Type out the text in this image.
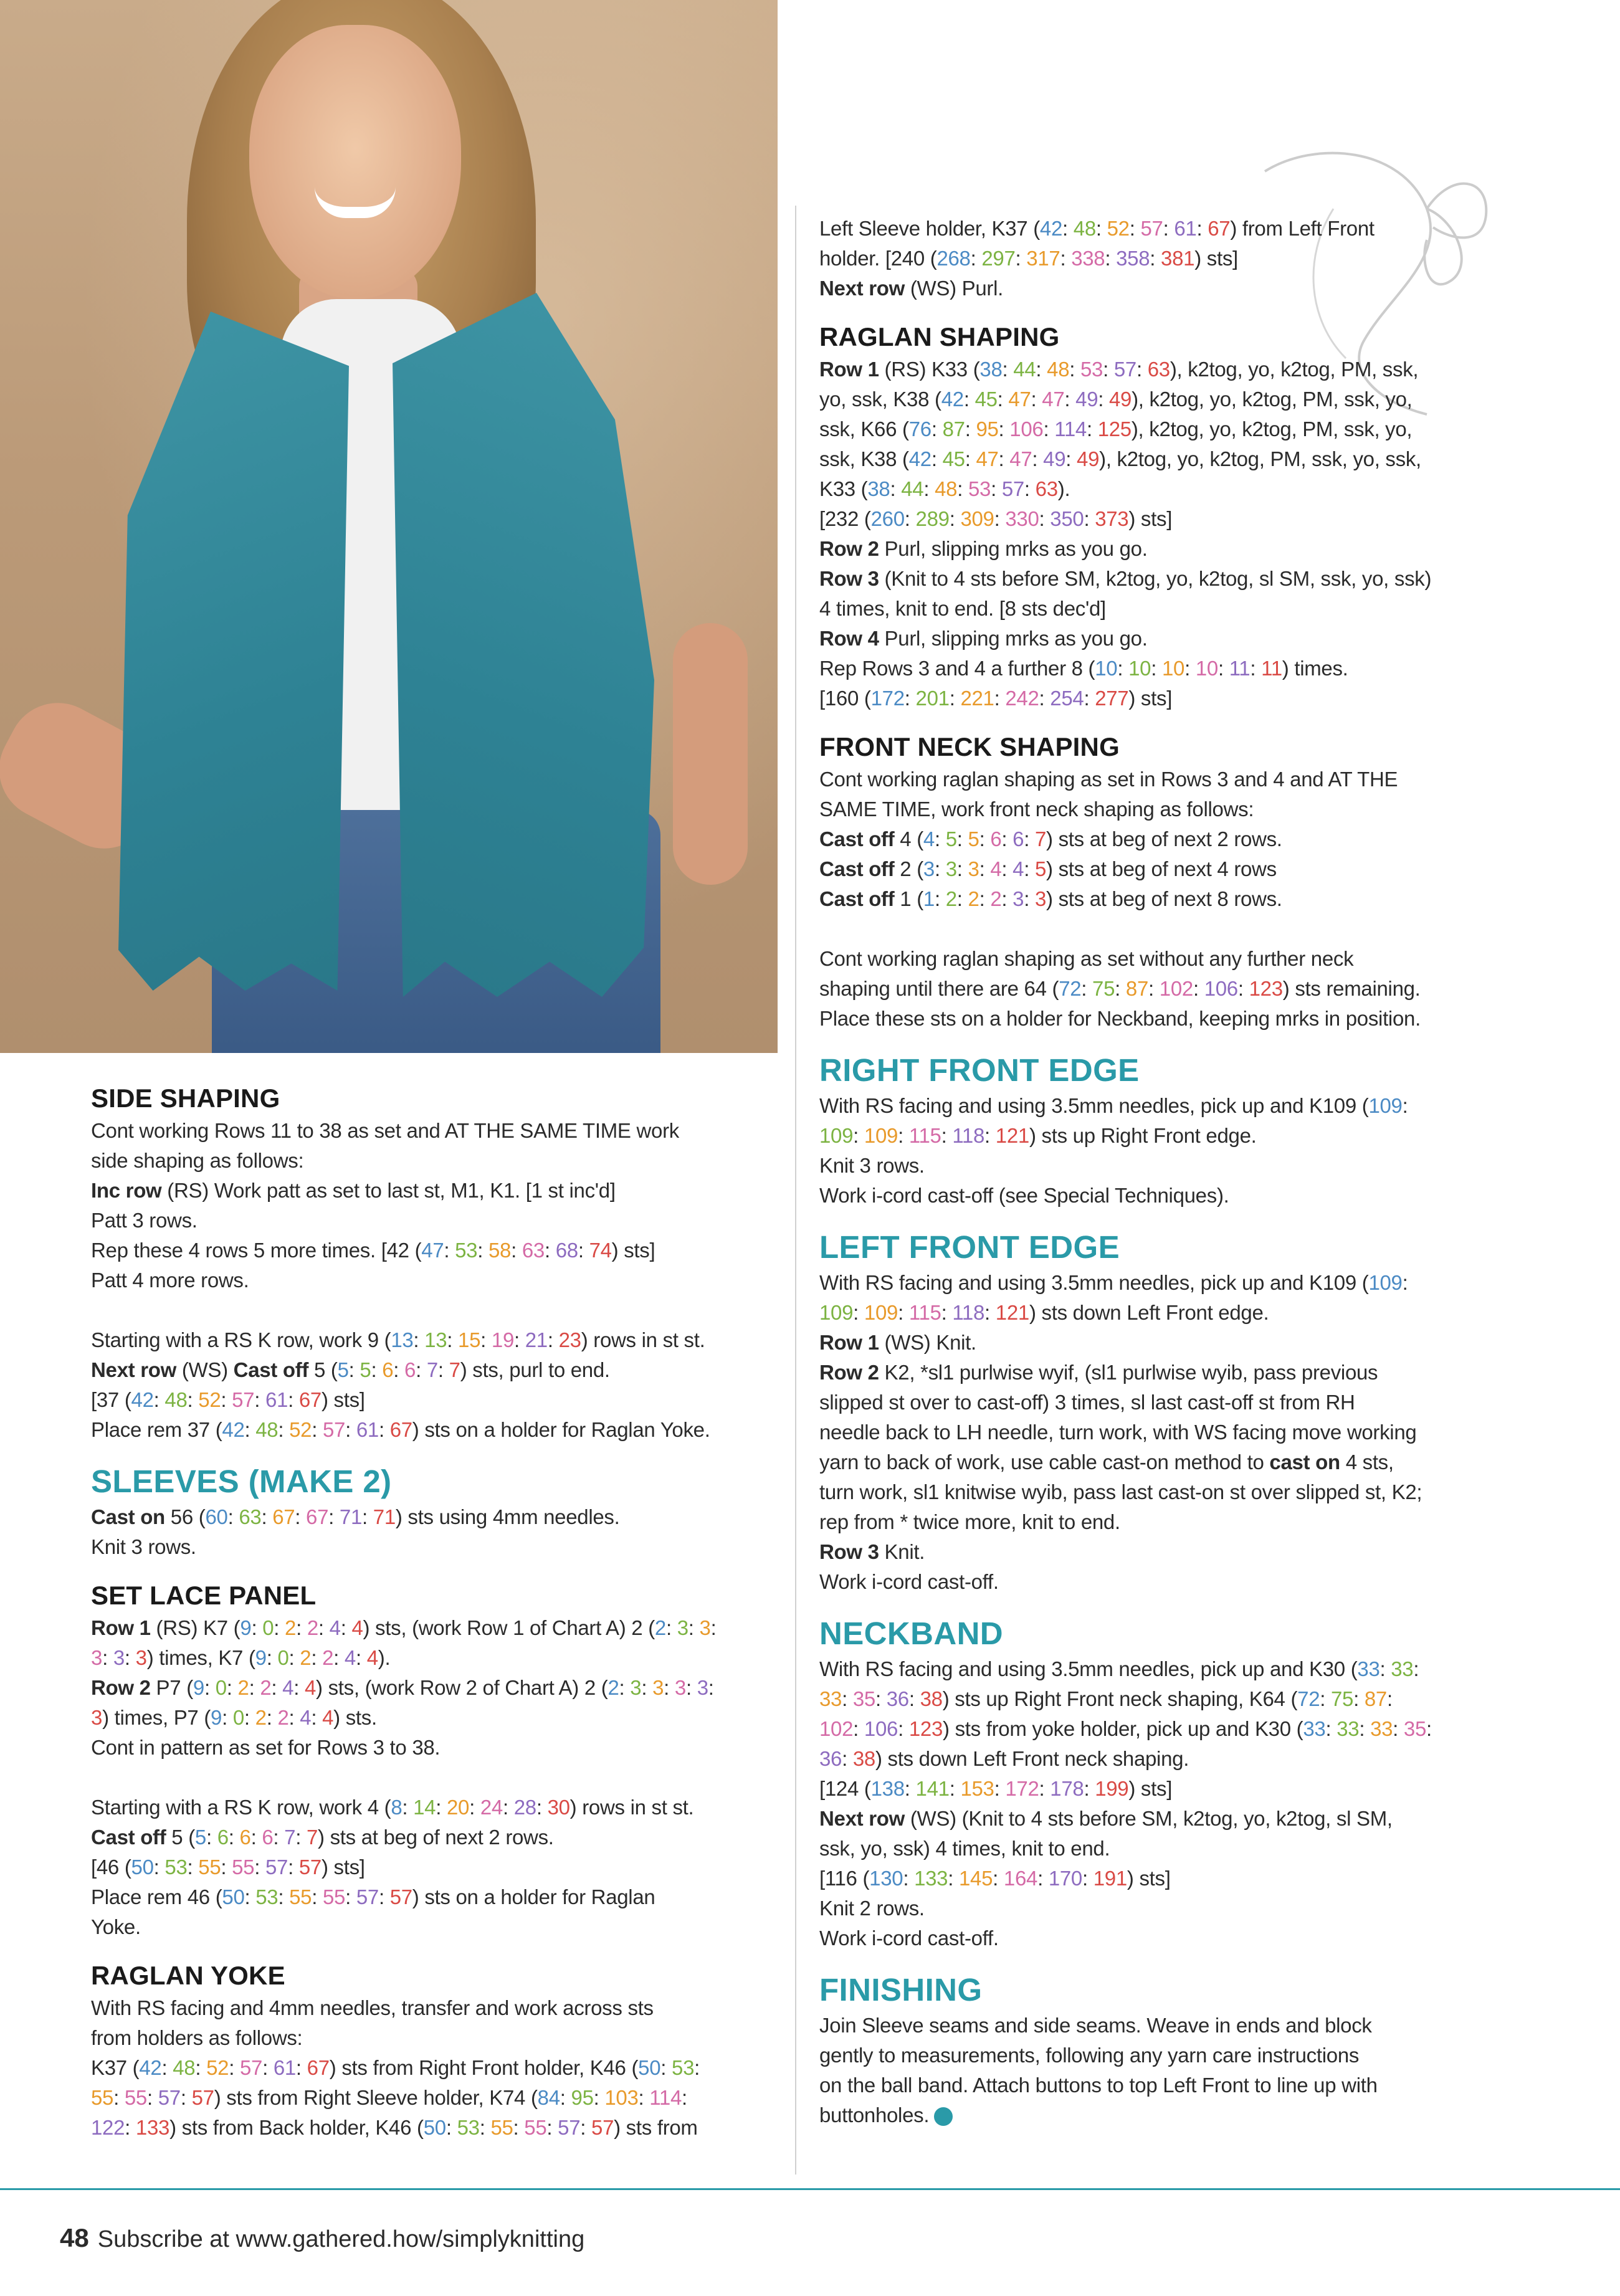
SIDE SHAPING

Cont working Rows 11 to 38 as set and AT THE SAME TIME work

side shaping as follows:

Inc row (RS) Work patt as set to last st, M1, K1. [1 st inc'd]

Patt 3 rows.

Rep these 4 rows 5 more times. [42 (47: 53: 58: 63: 68: 74) sts]

Patt 4 more rows.

Starting with a RS K row, work 9 (13: 13: 15: 19: 21: 23) rows in st st.

Next row (WS) Cast off 5 (5: 5: 6: 6: 7: 7) sts, purl to end.

[37 (42: 48: 52: 57: 61: 67) sts]

Place rem 37 (42: 48: 52: 57: 61: 67) sts on a holder for Raglan Yoke.

SLEEVES (MAKE 2)

Cast on 56 (60: 63: 67: 67: 71: 71) sts using 4mm needles.

Knit 3 rows.

SET LACE PANEL

Row 1 (RS) K7 (9: 0: 2: 2: 4: 4) sts, (work Row 1 of Chart A) 2 (2: 3: 3:

3: 3: 3) times, K7 (9: 0: 2: 2: 4: 4).

Row 2 P7 (9: 0: 2: 2: 4: 4) sts, (work Row 2 of Chart A) 2 (2: 3: 3: 3: 3:

3) times, P7 (9: 0: 2: 2: 4: 4) sts.

Cont in pattern as set for Rows 3 to 38.

Starting with a RS K row, work 4 (8: 14: 20: 24: 28: 30) rows in st st.

Cast off 5 (5: 6: 6: 6: 7: 7) sts at beg of next 2 rows.

[46 (50: 53: 55: 55: 57: 57) sts]

Place rem 46 (50: 53: 55: 55: 57: 57) sts on a holder for Raglan

Yoke.

RAGLAN YOKE

With RS facing and 4mm needles, transfer and work across sts

from holders as follows:

K37 (42: 48: 52: 57: 61: 67) sts from Right Front holder, K46 (50: 53:

55: 55: 57: 57) sts from Right Sleeve holder, K74 (84: 95: 103: 114:

122: 133) sts from Back holder, K46 (50: 53: 55: 55: 57: 57) sts from

Left Sleeve holder, K37 (42: 48: 52: 57: 61: 67) from Left Front

holder. [240 (268: 297: 317: 338: 358: 381) sts]

Next row (WS) Purl.

RAGLAN SHAPING

Row 1 (RS) K33 (38: 44: 48: 53: 57: 63), k2tog, yo, k2tog, PM, ssk,

yo, ssk, K38 (42: 45: 47: 47: 49: 49), k2tog, yo, k2tog, PM, ssk, yo,

ssk, K66 (76: 87: 95: 106: 114: 125), k2tog, yo, k2tog, PM, ssk, yo,

ssk, K38 (42: 45: 47: 47: 49: 49), k2tog, yo, k2tog, PM, ssk, yo, ssk,

K33 (38: 44: 48: 53: 57: 63).

[232 (260: 289: 309: 330: 350: 373) sts]

Row 2 Purl, slipping mrks as you go.

Row 3 (Knit to 4 sts before SM, k2tog, yo, k2tog, sl SM, ssk, yo, ssk)

4 times, knit to end. [8 sts dec'd]

Row 4 Purl, slipping mrks as you go.

Rep Rows 3 and 4 a further 8 (10: 10: 10: 10: 11: 11) times.

[160 (172: 201: 221: 242: 254: 277) sts]

FRONT NECK SHAPING

Cont working raglan shaping as set in Rows 3 and 4 and AT THE

SAME TIME, work front neck shaping as follows:

Cast off 4 (4: 5: 5: 6: 6: 7) sts at beg of next 2 rows.

Cast off 2 (3: 3: 3: 4: 4: 5) sts at beg of next 4 rows

Cast off 1 (1: 2: 2: 2: 3: 3) sts at beg of next 8 rows.

Cont working raglan shaping as set without any further neck

shaping until there are 64 (72: 75: 87: 102: 106: 123) sts remaining.

Place these sts on a holder for Neckband, keeping mrks in position.

RIGHT FRONT EDGE

With RS facing and using 3.5mm needles, pick up and K109 (109:

109: 109: 115: 118: 121) sts up Right Front edge.

Knit 3 rows.

Work i-cord cast-off (see Special Techniques).

LEFT FRONT EDGE

With RS facing and using 3.5mm needles, pick up and K109 (109:

109: 109: 115: 118: 121) sts down Left Front edge.

Row 1 (WS) Knit.

Row 2 K2, *sl1 purlwise wyif, (sl1 purlwise wyib, pass previous

slipped st over to cast-off) 3 times, sl last cast-off st from RH

needle back to LH needle, turn work, with WS facing move working

yarn to back of work, use cable cast-on method to cast on 4 sts,

turn work, sl1 knitwise wyib, pass last cast-on st over slipped st, K2;

rep from * twice more, knit to end.

Row 3 Knit.

Work i-cord cast-off.

NECKBAND

With RS facing and using 3.5mm needles, pick up and K30 (33: 33:

33: 35: 36: 38) sts up Right Front neck shaping, K64 (72: 75: 87:

102: 106: 123) sts from yoke holder, pick up and K30 (33: 33: 33: 35:

36: 38) sts down Left Front neck shaping.

[124 (138: 141: 153: 172: 178: 199) sts]

Next row (WS) (Knit to 4 sts before SM, k2tog, yo, k2tog, sl SM,

ssk, yo, ssk) 4 times, knit to end.

[116 (130: 133: 145: 164: 170: 191) sts]

Knit 2 rows.

Work i-cord cast-off.

FINISHING

Join Sleeve seams and side seams. Weave in ends and block

gently to measurements, following any yarn care instructions

on the ball band. Attach buttons to top Left Front to line up with

buttonholes.

48 Subscribe at www.gathered.how/simplyknitting
